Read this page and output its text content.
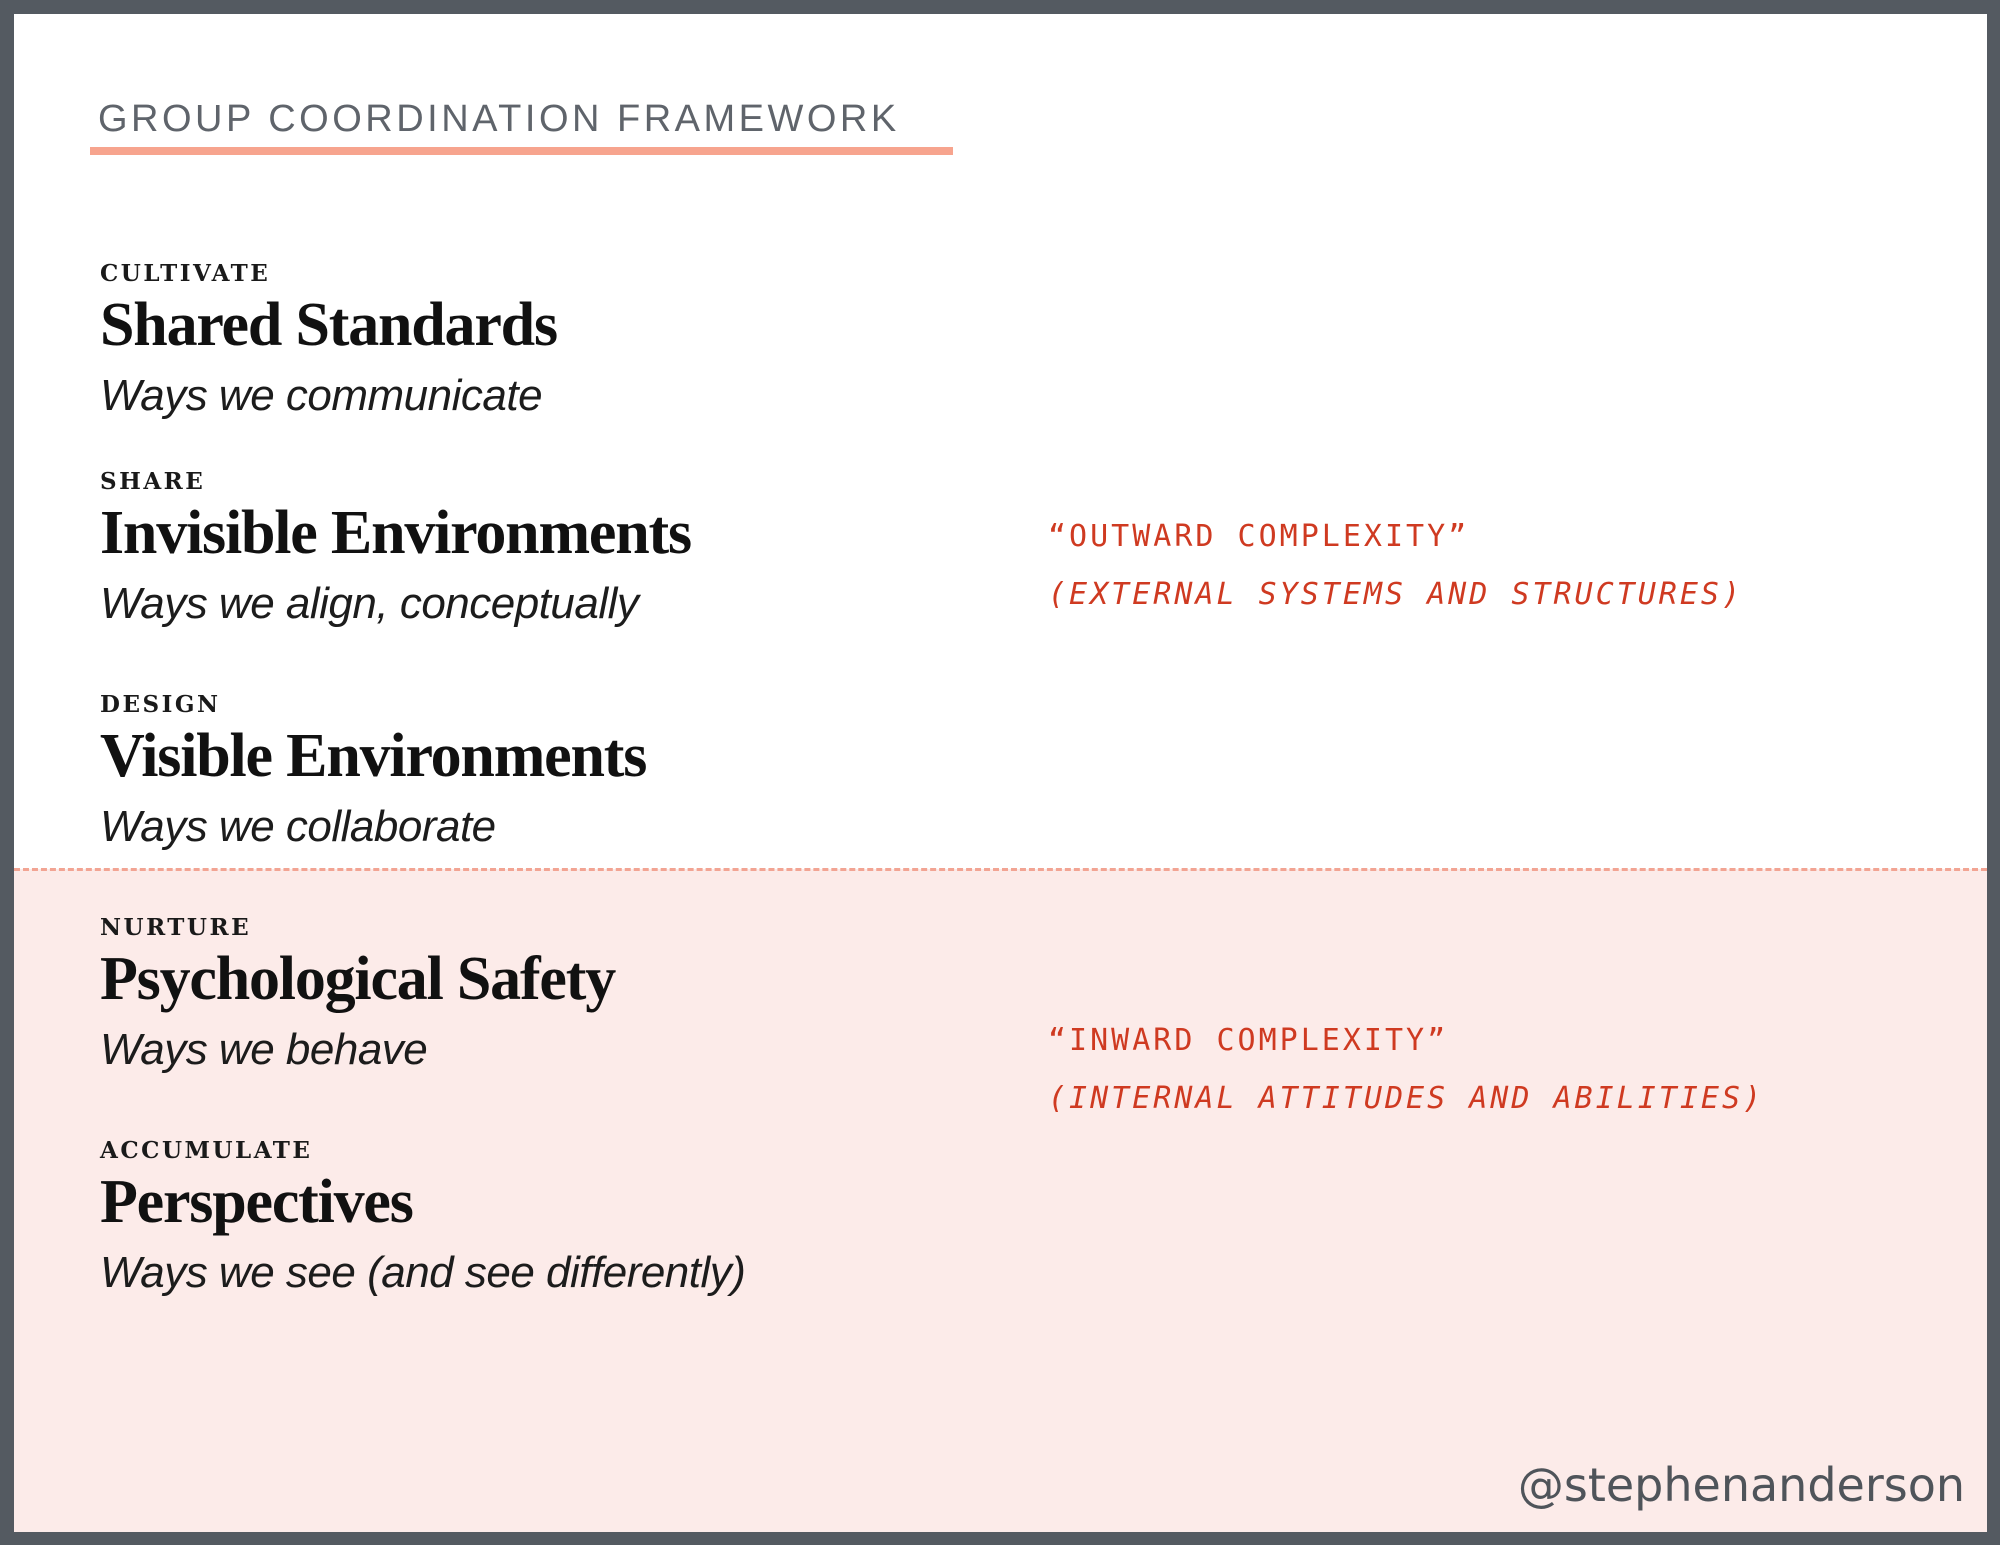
GROUP COORDINATION FRAMEWORK
CULTIVATE
Shared Standards
Ways we communicate
SHARE
Invisible Environments
Ways we align, conceptually
DESIGN
Visible Environments
Ways we collaborate
NURTURE
Psychological Safety
Ways we behave
ACCUMULATE
Perspectives
Ways we see (and see differently)
“OUTWARD COMPLEXITY”
(EXTERNAL SYSTEMS AND STRUCTURES)
“INWARD COMPLEXITY”
(INTERNAL ATTITUDES AND ABILITIES)
@stephenanderson
